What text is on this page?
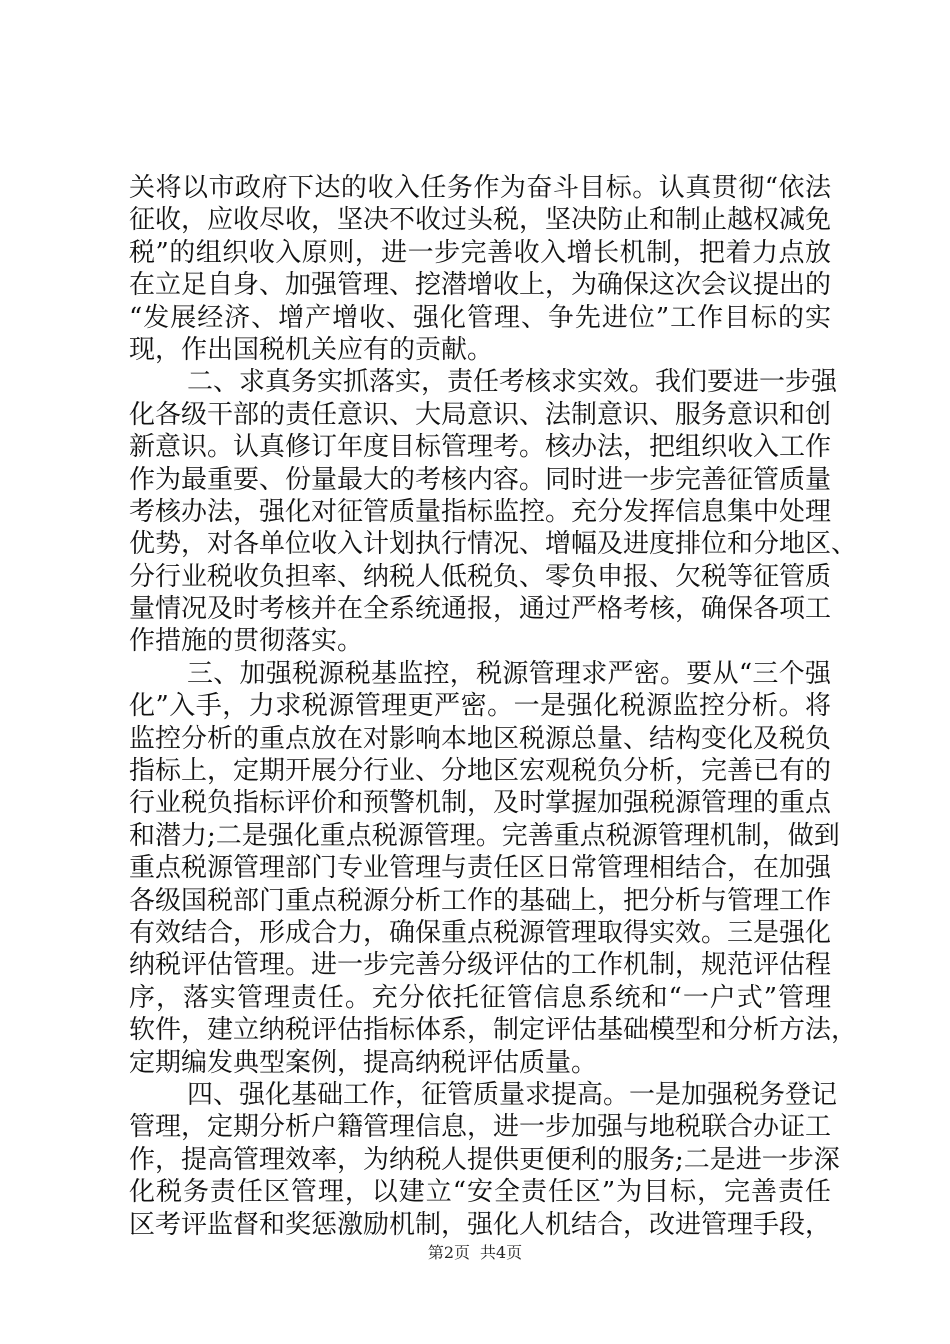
关将以市政府下达的收入任务作为奋斗目标。认真贯彻“依法
征收，应收尽收，坚决不收过头税，坚决防止和制止越权减免
税”的组织收入原则，进一步完善收入增长机制，把着力点放
在立足自身、加强管理、挖潜增收上，为确保这次会议提出的
“发展经济、增产增收、强化管理、争先进位”工作目标的实
现，作出国税机关应有的贡献。
二、求真务实抓落实，责任考核求实效。我们要进一步强
化各级干部的责任意识、大局意识、法制意识、服务意识和创
新意识。认真修订年度目标管理考。核办法，把组织收入工作
作为最重要、份量最大的考核内容。同时进一步完善征管质量
考核办法，强化对征管质量指标监控。充分发挥信息集中处理
优势，对各单位收入计划执行情况、增幅及进度排位和分地区、
分行业税收负担率、纳税人低税负、零负申报、欠税等征管质
量情况及时考核并在全系统通报，通过严格考核，确保各项工
作措施的贯彻落实。
三、加强税源税基监控，税源管理求严密。要从“三个强
化”入手，力求税源管理更严密。一是强化税源监控分析。将
监控分析的重点放在对影响本地区税源总量、结构变化及税负
指标上，定期开展分行业、分地区宏观税负分析，完善已有的
行业税负指标评价和预警机制，及时掌握加强税源管理的重点
和潜力;二是强化重点税源管理。完善重点税源管理机制，做到
重点税源管理部门专业管理与责任区日常管理相结合，在加强
各级国税部门重点税源分析工作的基础上，把分析与管理工作
有效结合，形成合力，确保重点税源管理取得实效。三是强化
纳税评估管理。进一步完善分级评估的工作机制，规范评估程
序，落实管理责任。充分依托征管信息系统和“一户式”管理
软件，建立纳税评估指标体系，制定评估基础模型和分析方法，
定期编发典型案例，提高纳税评估质量。
四、强化基础工作，征管质量求提高。一是加强税务登记
管理，定期分析户籍管理信息，进一步加强与地税联合办证工
作，提高管理效率，为纳税人提供更便利的服务;二是进一步深
化税务责任区管理，以建立“安全责任区”为目标，完善责任
区考评监督和奖惩激励机制，强化人机结合，改进管理手段，
第2页 共4页
